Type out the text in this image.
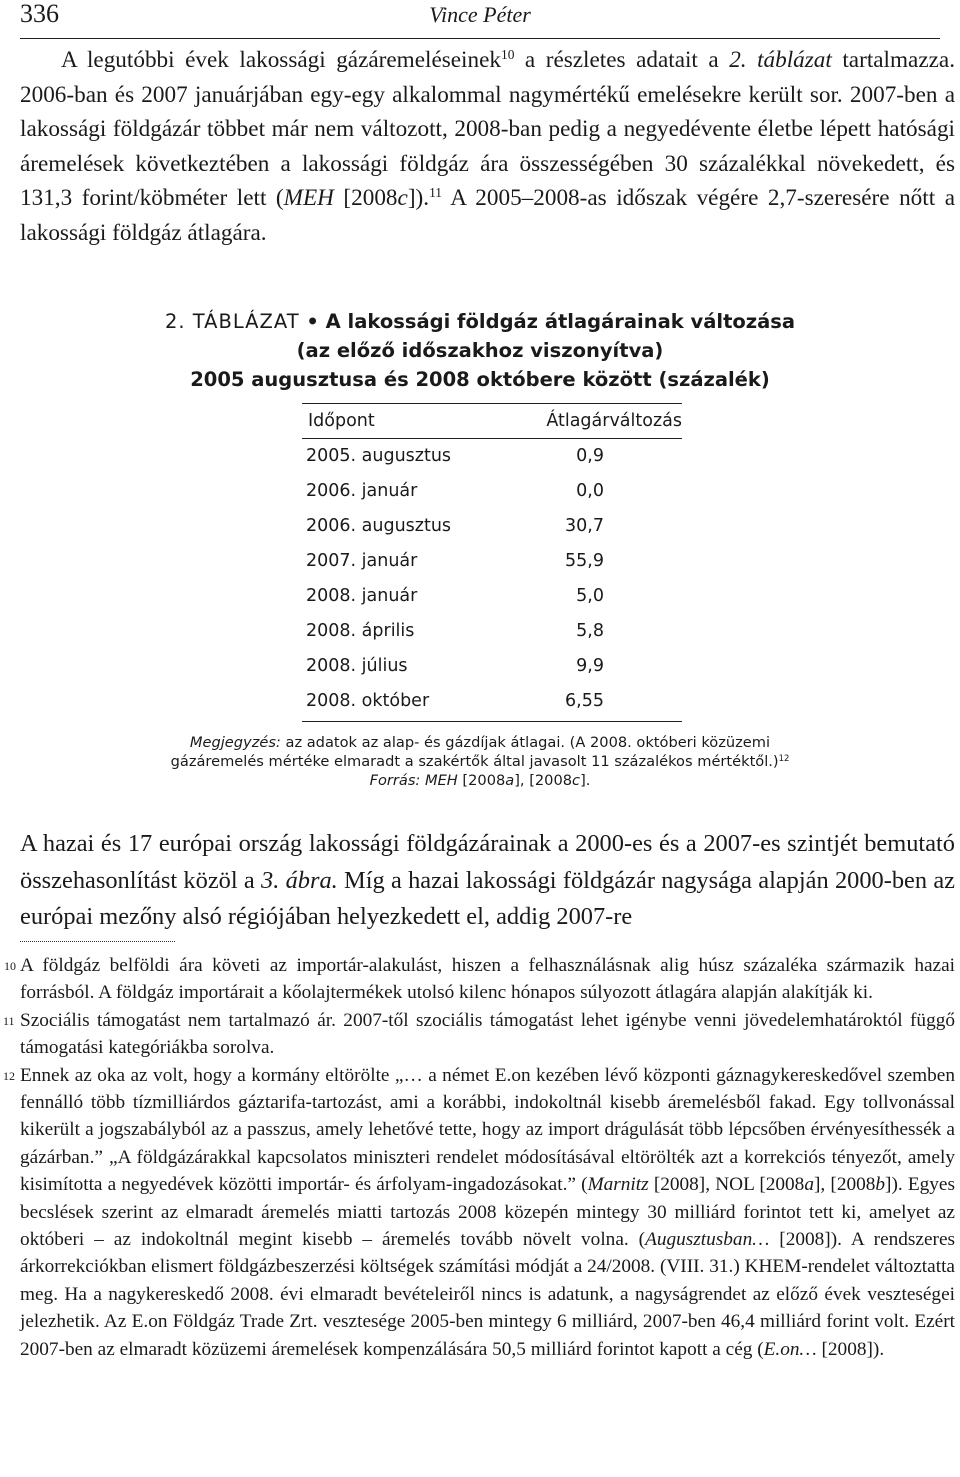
336	Vince Péter

A legutóbbi évek lakossági gázáremeléseinek$^{10}$ a részletes adatait a 2. táblázat tartalmazza. 2006-ban és 2007 januárjában egy-egy alkalommal nagymértékű emelésekre került sor. 2007-ben a lakossági földgázár többet már nem változott, 2008-ban pedig a negyedévente életbe lépett hatósági áremelések következtében a lakossági földgáz ára összességében 30 százalékkal növekedett, és 131,3 forint/köbméter lett (MEH [2008c]).$^{11}$ A 2005–2008-as időszak végére 2,7-szeresére nőtt a lakossági földgáz átlagára.

2. TÁBLÁZAT • A lakossági földgáz átlagárainak változása
(az előző időszakhoz viszonyítva)
2005 augusztusa és 2008 októbere között (százalék)
Időpont	Átlagárváltozás
2005. augusztus	0,9
2006. január	0,0
2006. augusztus	30,7
2007. január	55,9
2008. január	5,0
2008. április	5,8
2008. július	9,9
2008. október	6,55
Megjegyzés: az adatok az alap- és gázdíjak átlagai. (A 2008. októberi közüzemi
gázáremelés mértéke elmaradt a szakértők által javasolt 11 százalékos mértéktől.)$^{12}$
Forrás: MEH [2008a], [2008c].

A hazai és 17 európai ország lakossági földgázárainak a 2000-es és a 2007-es szintjét bemutató összehasonlítást közöl a 3. ábra. Míg a hazai lakossági földgázár nagysága alapján 2000-ben az európai mezőny alsó régiójában helyezkedett el, addig 2007-re

10 A földgáz belföldi ára követi az importár-alakulást, hiszen a felhasználásnak alig húsz százaléka származik hazai forrásból. A földgáz importárait a kőolajtermékek utolsó kilenc hónapos súlyozott átlagára alapján alakítják ki.

11 Szociális támogatást nem tartalmazó ár. 2007-től szociális támogatást lehet igénybe venni jövedelemhatároktól függő támogatási kategóriákba sorolva.

12 Ennek az oka az volt, hogy a kormány eltörölte „… a német E.on kezében lévő központi gáznagykereskedővel szemben fennálló több tízmilliárdos gáztarifa-tartozást, ami a korábbi, indokoltnál kisebb áremelésből fakad. Egy tollvonással kikerült a jogszabályból az a passzus, amely lehetővé tette, hogy az import drágulását több lépcsőben érvényesíthessék a gázárban.” „A földgázárakkal kapcsolatos miniszteri rendelet módosításával eltörölték azt a korrekciós tényezőt, amely kisimította a negyedévek közötti importár- és árfolyam-ingadozásokat.” (Marnitz [2008], NOL [2008a], [2008b]). Egyes becslések szerint az elmaradt áremelés miatti tartozás 2008 közepén mintegy 30 milliárd forintot tett ki, amelyet az októberi – az indokoltnál megint kisebb – áremelés tovább növelt volna. (Augusztusban… [2008]). A rendszeres árkorrekciókban elismert földgázbeszerzési költségek számítási módját a 24/2008. (VIII. 31.) KHEM-rendelet változtatta meg. Ha a nagykereskedő 2008. évi elmaradt bevételeiről nincs is adatunk, a nagyságrendet az előző évek veszteségei jelezhetik. Az E.on Földgáz Trade Zrt. vesztesége 2005-ben mintegy 6 milliárd, 2007-ben 46,4 milliárd forint volt. Ezért 2007-ben az elmaradt közüzemi áremelések kompenzálására 50,5 milliárd forintot kapott a cég (E.on… [2008]).
